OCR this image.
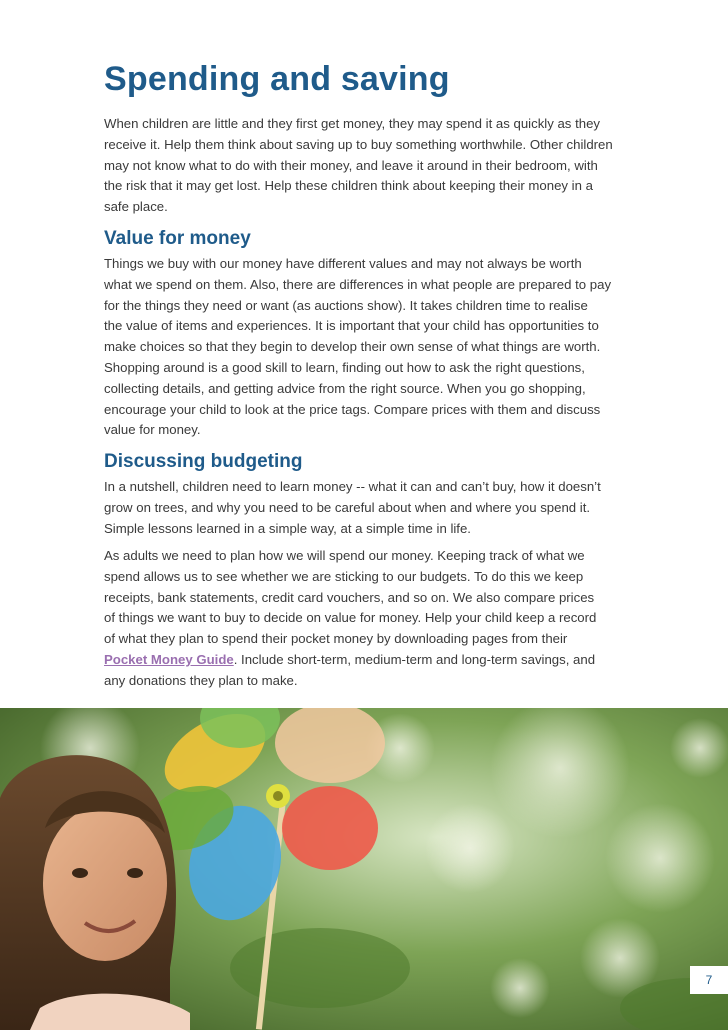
Spending and saving
When children are little and they first get money, they may spend it as quickly as they
receive it. Help them think about saving up to buy something worthwhile. Other children
may not know what to do with their money, and leave it around in their bedroom, with
the risk that it may get lost. Help these children think about keeping their money in a
safe place.
Value for money
Things we buy with our money have different values and may not always be worth
what we spend on them. Also, there are differences in what people are prepared to pay
for the things they need or want (as auctions show). It takes children time to realise
the value of items and experiences. It is important that your child has opportunities to
make choices so that they begin to develop their own sense of what things are worth.
Shopping around is a good skill to learn, finding out how to ask the right questions,
collecting details, and getting advice from the right source. When you go shopping,
encourage your child to look at the price tags. Compare prices with them and discuss
value for money.
Discussing budgeting
In a nutshell, children need to learn money -- what it can and can’t buy, how it doesn’t
grow on trees, and why you need to be careful about when and where you spend it.
Simple lessons learned in a simple way, at a simple time in life.
As adults we need to plan how we will spend our money. Keeping track of what we
spend allows us to see whether we are sticking to our budgets. To do this we keep
receipts, bank statements, credit card vouchers, and so on. We also compare prices
of things we want to buy to decide on value for money. Help your child keep a record
of what they plan to spend their pocket money by downloading pages from their
Pocket Money Guide. Include short-term, medium-term and long-term savings, and
any donations they plan to make.
7
